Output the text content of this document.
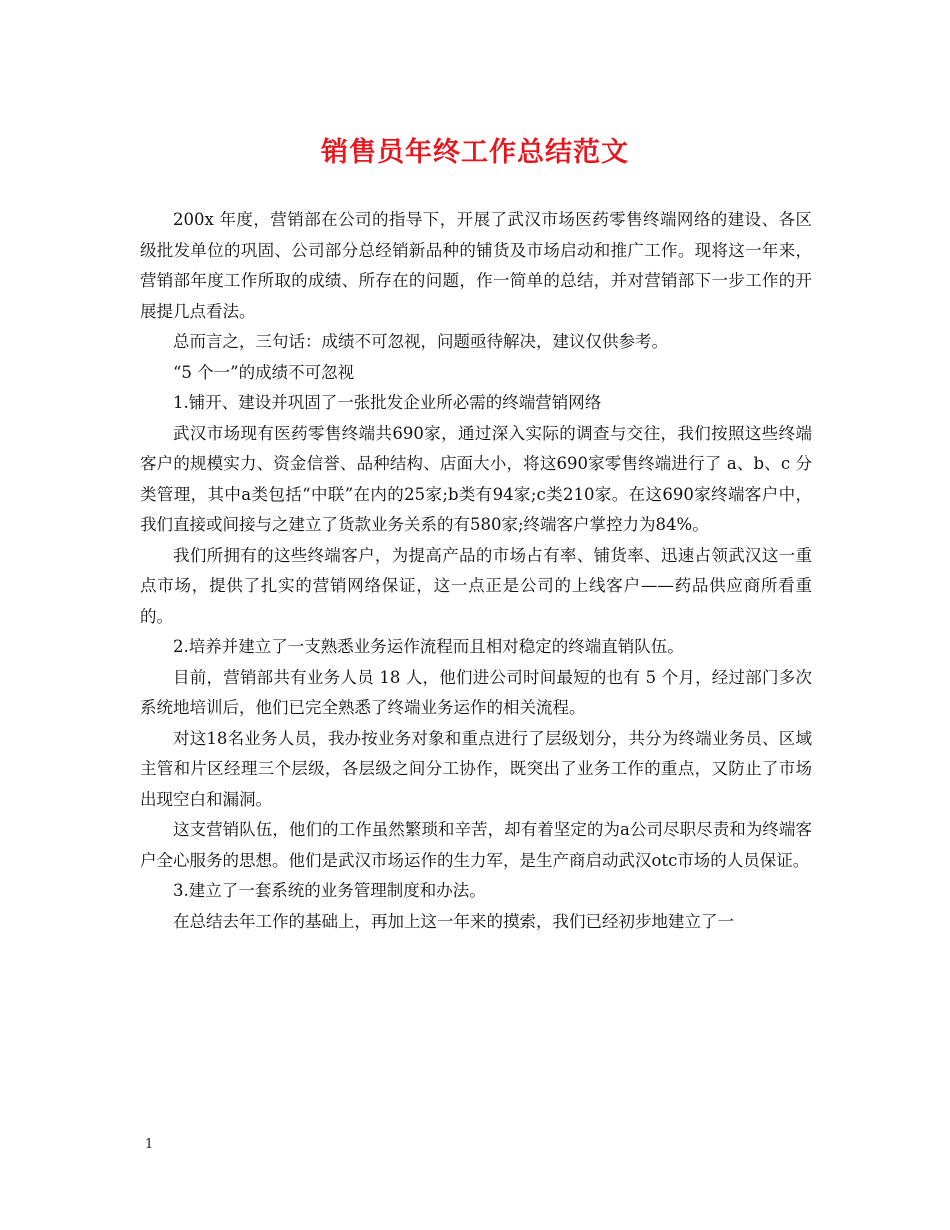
销售员年终工作总结范文

200x 年度，营销部在公司的指导下，开展了武汉市场医药零售终端网络的建设、各区级批发单位的巩固、公司部分总经销新品种的铺货及市场启动和推广工作。现将这一年来，营销部年度工作所取的成绩、所存在的问题，作一简单的总结，并对营销部下一步工作的开展提几点看法。

总而言之，三句话：成绩不可忽视，问题亟待解决，建议仅供参考。

“5 个一”的成绩不可忽视

1.铺开、建设并巩固了一张批发企业所必需的终端营销网络

武汉市场现有医药零售终端共690家，通过深入实际的调查与交往，我们按照这些终端客户的规模实力、资金信誉、品种结构、店面大小，将这690家零售终端进行了 a、b、c 分类管理，其中a类包括“中联”在内的25家;b类有94家;c类210家。在这690家终端客户中，我们直接或间接与之建立了货款业务关系的有580家;终端客户掌控力为84%。

我们所拥有的这些终端客户，为提高产品的市场占有率、铺货率、迅速占领武汉这一重点市场，提供了扎实的营销网络保证，这一点正是公司的上线客户——药品供应商所看重的。

2.培养并建立了一支熟悉业务运作流程而且相对稳定的终端直销队伍。

目前，营销部共有业务人员 18 人，他们进公司时间最短的也有 5 个月，经过部门多次系统地培训后，他们已完全熟悉了终端业务运作的相关流程。

对这18名业务人员，我办按业务对象和重点进行了层级划分，共分为终端业务员、区域主管和片区经理三个层级，各层级之间分工协作，既突出了业务工作的重点，又防止了市场出现空白和漏洞。

这支营销队伍，他们的工作虽然繁琐和辛苦，却有着坚定的为a公司尽职尽责和为终端客户全心服务的思想。他们是武汉市场运作的生力军，是生产商启动武汉otc市场的人员保证。

3.建立了一套系统的业务管理制度和办法。

在总结去年工作的基础上，再加上这一年来的摸索，我们已经初步地建立了一

1
